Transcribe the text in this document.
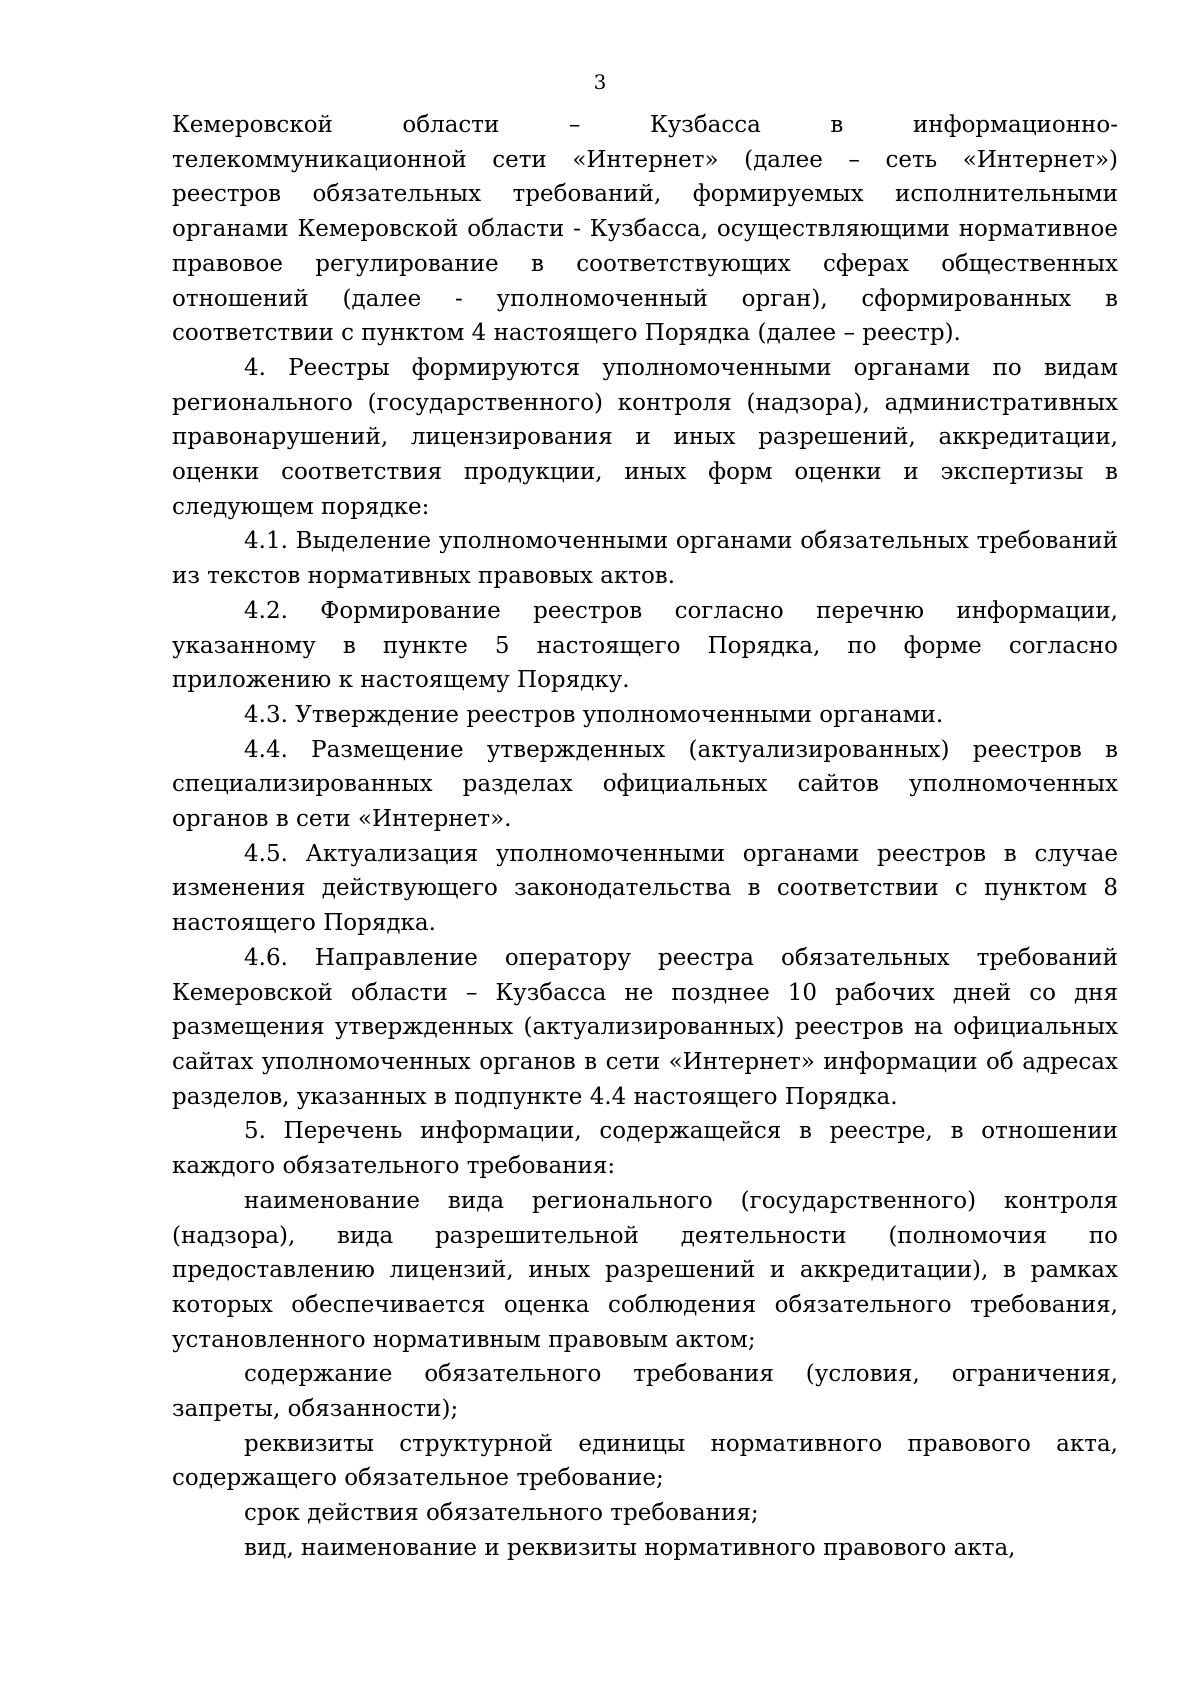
3
Кемеровской области – Кузбасса в информационно-
телекоммуникационной сети «Интернет» (далее – сеть «Интернет») реестров обязательных требований, формируемых исполнительными органами Кемеровской области - Кузбасса, осуществляющими нормативное правовое регулирование в соответствующих сферах общественных отношений (далее - уполномоченный орган), сформированных в соответствии с пунктом 4 настоящего Порядка (далее – реестр).

4. Реестры формируются уполномоченными органами по видам регионального (государственного) контроля (надзора), административных правонарушений, лицензирования и иных разрешений, аккредитации, оценки соответствия продукции, иных форм оценки и экспертизы в следующем порядке:

4.1. Выделение уполномоченными органами обязательных требований из текстов нормативных правовых актов.

4.2. Формирование реестров согласно перечню информации, указанному в пункте 5 настоящего Порядка, по форме согласно приложению к настоящему Порядку.

4.3. Утверждение реестров уполномоченными органами.

4.4. Размещение утвержденных (актуализированных) реестров в специализированных разделах официальных сайтов уполномоченных органов в сети «Интернет».

4.5. Актуализация уполномоченными органами реестров в случае изменения действующего законодательства в соответствии с пунктом 8 настоящего Порядка.

4.6. Направление оператору реестра обязательных требований Кемеровской области – Кузбасса не позднее 10 рабочих дней со дня размещения утвержденных (актуализированных) реестров на официальных сайтах уполномоченных органов в сети «Интернет» информации об адресах разделов, указанных в подпункте 4.4 настоящего Порядка.

5. Перечень информации, содержащейся в реестре, в отношении каждого обязательного требования:

наименование вида регионального (государственного) контроля (надзора), вида разрешительной деятельности (полномочия по предоставлению лицензий, иных разрешений и аккредитации), в рамках которых обеспечивается оценка соблюдения обязательного требования, установленного нормативным правовым актом;

содержание обязательного требования (условия, ограничения, запреты, обязанности);

реквизиты структурной единицы нормативного правового акта, содержащего обязательное требование;

срок действия обязательного требования;

вид, наименование и реквизиты нормативного правового акта,
